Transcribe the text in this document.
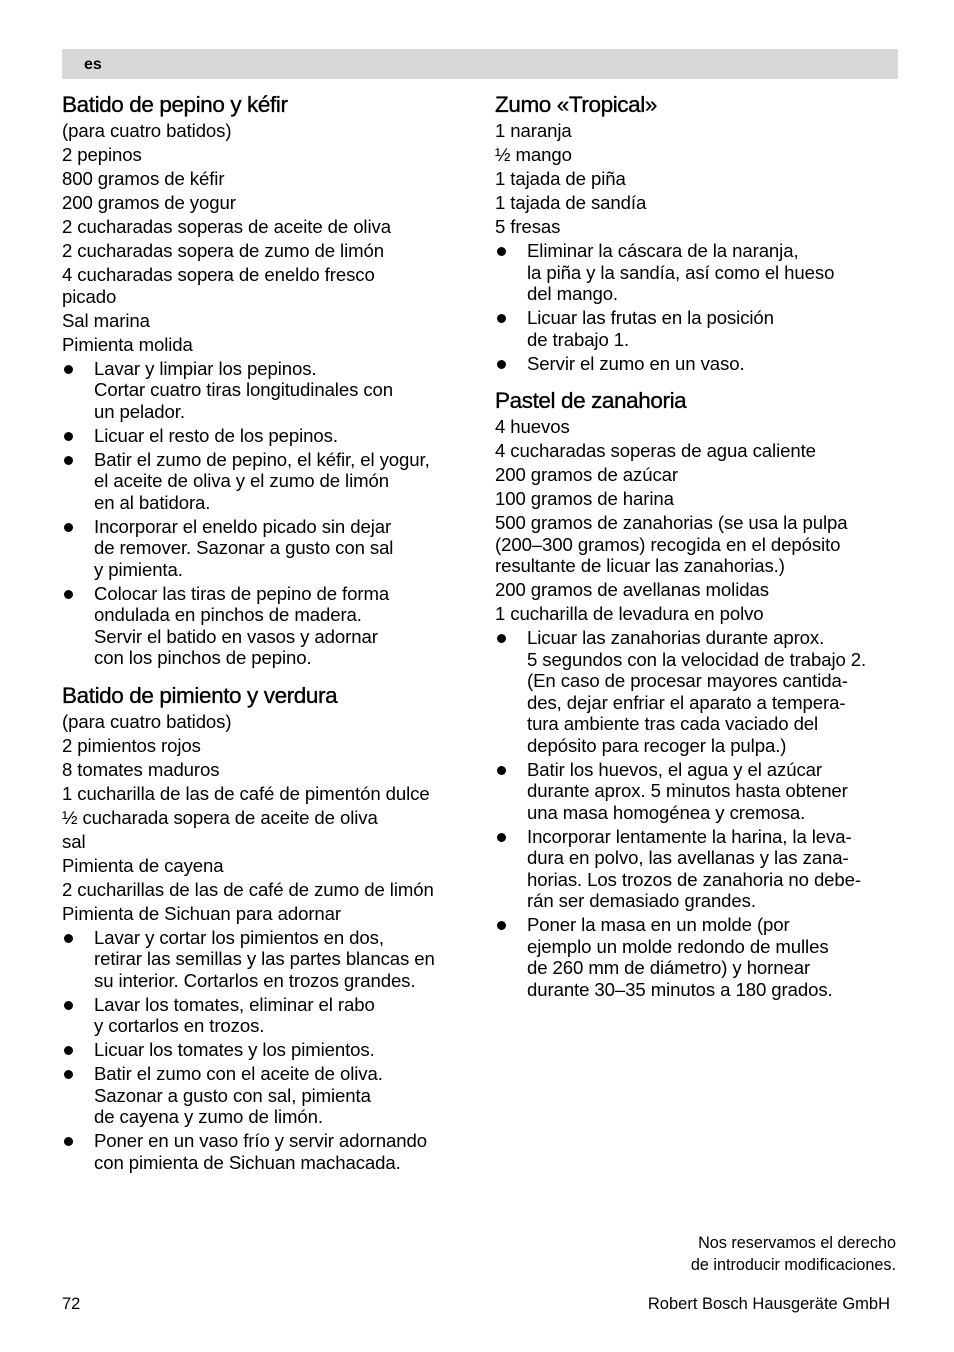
es
Batido de pepino y kéfir
(para cuatro batidos)
2 pepinos
800 gramos de kéfir
200 gramos de yogur
2 cucharadas soperas de aceite de oliva
2 cucharadas sopera de zumo de limón
4 cucharadas sopera de eneldo fresco
picado
Sal marina
Pimienta molida
Lavar y limpiar los pepinos.
Cortar cuatro tiras longitudinales con
un pelador.
Licuar el resto de los pepinos.
Batir el zumo de pepino, el kéfir, el yogur,
el aceite de oliva y el zumo de limón
en al batidora.
Incorporar el eneldo picado sin dejar
de remover. Sazonar a gusto con sal
y pimienta.
Colocar las tiras de pepino de forma
ondulada en pinchos de madera.
Servir el batido en vasos y adornar
con los pinchos de pepino.
Batido de pimiento y verdura
(para cuatro batidos)
2 pimientos rojos
8 tomates maduros
1 cucharilla de las de café de pimentón dulce
½ cucharada sopera de aceite de oliva
sal
Pimienta de cayena
2 cucharillas de las de café de zumo de limón
Pimienta de Sichuan para adornar
Lavar y cortar los pimientos en dos,
retirar las semillas y las partes blancas en
su interior. Cortarlos en trozos grandes.
Lavar los tomates, eliminar el rabo
y cortarlos en trozos.
Licuar los tomates y los pimientos.
Batir el zumo con el aceite de oliva.
Sazonar a gusto con sal, pimienta
de cayena y zumo de limón.
Poner en un vaso frío y servir adornando
con pimienta de Sichuan machacada.
Zumo «Tropical»
1 naranja
½ mango
1 tajada de piña
1 tajada de sandía
5 fresas
Eliminar la cáscara de la naranja,
la piña y la sandía, así como el hueso
del mango.
Licuar las frutas en la posición
de trabajo 1.
Servir el zumo en un vaso.
Pastel de zanahoria
4 huevos
4 cucharadas soperas de agua caliente
200 gramos de azúcar
100 gramos de harina
500 gramos de zanahorias (se usa la pulpa
(200–300 gramos) recogida en el depósito
resultante de licuar las zanahorias.)
200 gramos de avellanas molidas
1 cucharilla de levadura en polvo
Licuar las zanahorias durante aprox.
5 segundos con la velocidad de trabajo 2.
(En caso de procesar mayores cantida-
des, dejar enfriar el aparato a tempera-
tura ambiente tras cada vaciado del
depósito para recoger la pulpa.)
Batir los huevos, el agua y el azúcar
durante aprox. 5 minutos hasta obtener
una masa homogénea y cremosa.
Incorporar lentamente la harina, la leva-
dura en polvo, las avellanas y las zana-
horias. Los trozos de zanahoria no debe-
rán ser demasiado grandes.
Poner la masa en un molde (por
ejemplo un molde redondo de mulles
de 260 mm de diámetro) y hornear
durante 30–35 minutos a 180 grados.
Nos reservamos el derecho
de introducir modificaciones.
72	Robert Bosch Hausgeräte GmbH
